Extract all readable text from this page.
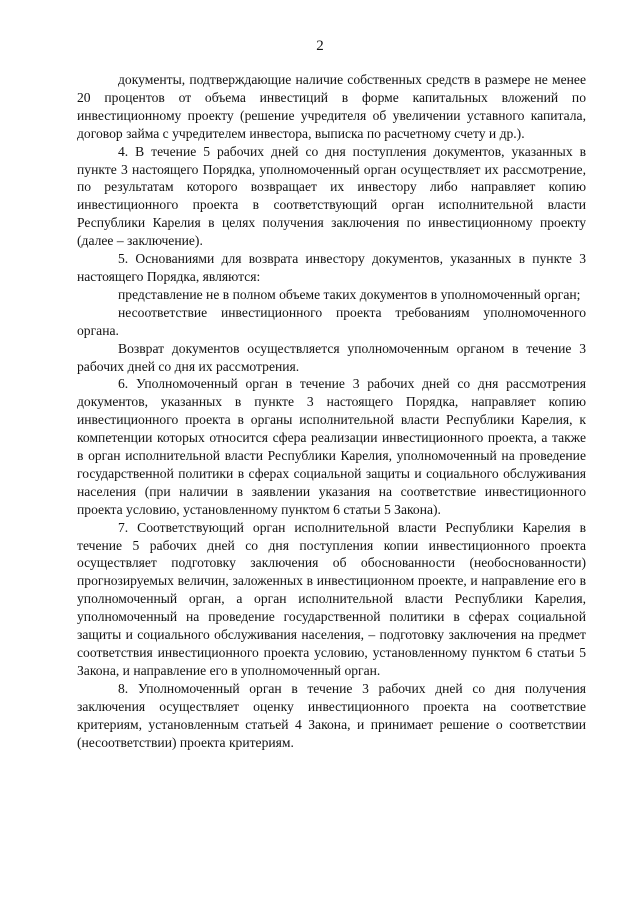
2

документы, подтверждающие наличие собственных средств в размере не менее 20 процентов от объема инвестиций в форме капитальных вложений по инвестиционному проекту (решение учредителя об увеличении уставного капитала, договор займа с учредителем инвестора, выписка по расчетному счету и др.).

4. В течение 5 рабочих дней со дня поступления документов, указанных в пункте 3 настоящего Порядка, уполномоченный орган осуществляет их рассмотрение, по результатам которого возвращает их инвестору либо направляет копию инвестиционного проекта в соответствующий орган исполнительной власти Республики Карелия в целях получения заключения по инвестиционному проекту (далее – заключение).

5. Основаниями для возврата инвестору документов, указанных в пункте 3 настоящего Порядка, являются:

представление не в полном объеме таких документов в уполномоченный орган;

несоответствие инвестиционного проекта требованиям уполномоченного органа.

Возврат документов осуществляется уполномоченным органом в течение 3 рабочих дней со дня их рассмотрения.

6. Уполномоченный орган в течение 3 рабочих дней со дня рассмотрения документов, указанных в пункте 3 настоящего Порядка, направляет копию инвестиционного проекта в органы исполнительной власти Республики Карелия, к компетенции которых относится сфера реализации инвестиционного проекта, а также в орган исполнительной власти Республики Карелия, уполномоченный на проведение государственной политики в сферах социальной защиты и социального обслуживания населения (при наличии в заявлении указания на соответствие инвестиционного проекта условию, установленному пунктом 6 статьи 5 Закона).

7. Соответствующий орган исполнительной власти Республики Карелия в течение 5 рабочих дней со дня поступления копии инвестиционного проекта осуществляет подготовку заключения об обоснованности (необоснованности) прогнозируемых величин, заложенных в инвестиционном проекте, и направление его в уполномоченный орган, а орган исполнительной власти Республики Карелия, уполномоченный на проведение государственной политики в сферах социальной защиты и социального обслуживания населения, – подготовку заключения на предмет соответствия инвестиционного проекта условию, установленному пунктом 6 статьи 5 Закона, и направление его в уполномоченный орган.

8. Уполномоченный орган в течение 3 рабочих дней со дня получения заключения осуществляет оценку инвестиционного проекта на соответствие критериям, установленным статьей 4 Закона, и принимает решение о соответствии (несоответствии) проекта критериям.
